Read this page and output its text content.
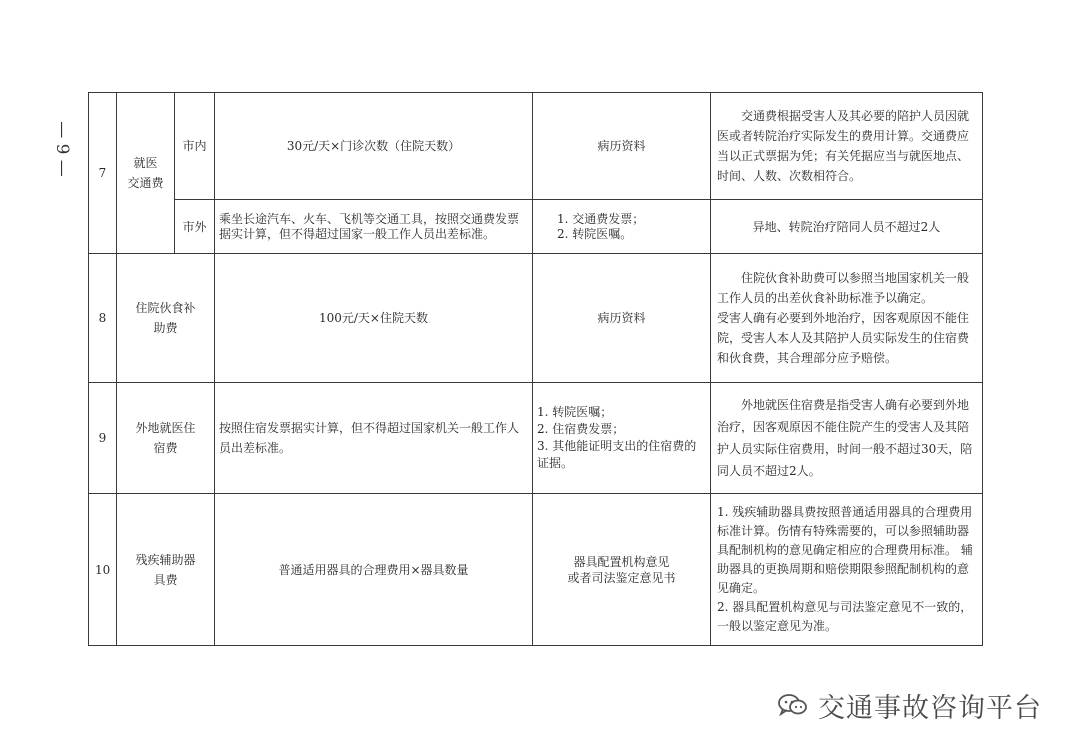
— 9 — 7	就医
交通费	市内	30元/天×门诊次数（住院天数）	病历资料	交通费根据受害人及其必要的陪护人员因就医或者转院治疗实际发生的费用计算。交通费应当以正式票据为凭；有关凭据应当与就医地点、时间、人数、次数相符合。

		市外	乘坐长途汽车、火车、飞机等交通工具，按照交通费发票据实计算，但不得超过国家一般工作人员出差标准。	1. 交通费发票；
2. 转院医嘱。	异地、转院治疗陪同人员不超过2人
8	住院伙食补助费		100元/天×住院天数	病历资料	住院伙食补助费可以参照当地国家机关一般工作人员的出差伙食补助标准予以确定。
受害人确有必要到外地治疗，因客观原因不能住院，受害人本人及其陪护人员实际发生的住宿费和伙食费，其合理部分应予赔偿。

9	外地就医住宿费		按照住宿发票据实计算，但不得超过国家机关一般工作人员出差标准。	1. 转院医嘱；
2. 住宿费发票；
3. 其他能证明支出的住宿费的证据。	外地就医住宿费是指受害人确有必要到外地治疗，因客观原因不能住院产生的受害人及其陪护人员实际住宿费用，时间一般不超过30天，陪同人员不超过2人。

10	残疾辅助器具费		普通适用器具的合理费用×器具数量	器具配置机构意见
或者司法鉴定意见书	1. 残疾辅助器具费按照普通适用器具的合理费用标准计算。伤情有特殊需要的，可以参照辅助器具配制机构的意见确定相应的合理费用标准。 辅助器具的更换周期和赔偿期限参照配制机构的意见确定。
2. 器具配置机构意见与司法鉴定意见不一致的，一般以鉴定意见为准。
交通事故咨询平台
